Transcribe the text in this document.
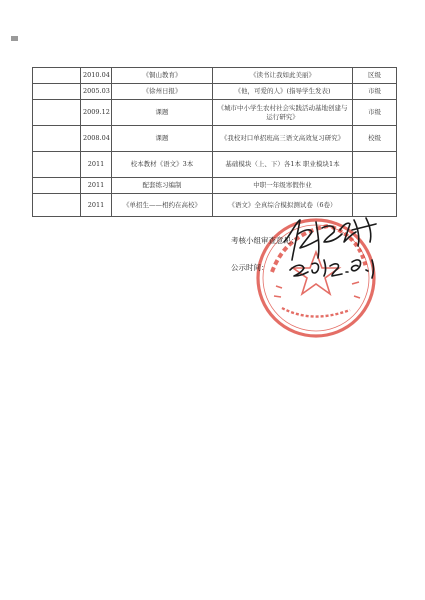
	2010.04	《铜山教育》	《读书让我如此美丽》	区级
	2005.03	《徐州日报》	《他，可爱的人》(指导学生发表)	市级
	2009.12	课题	《城市中小学生农村社会实践活动基地创建与运行研究》	市级
	2008.04	课题	《我校对口单招班高三语文高效复习研究》	校级
	2011	校本教材《语文》3本	基础模块（上、下）各1本 职业模块1本	
	2011	配套练习编制	中职一年级寒假作业	
	2011	《单招生——相约在高校》	《语文》全真综合模拟测试卷（6卷）	
考核小组审查意见：
公示时间：
